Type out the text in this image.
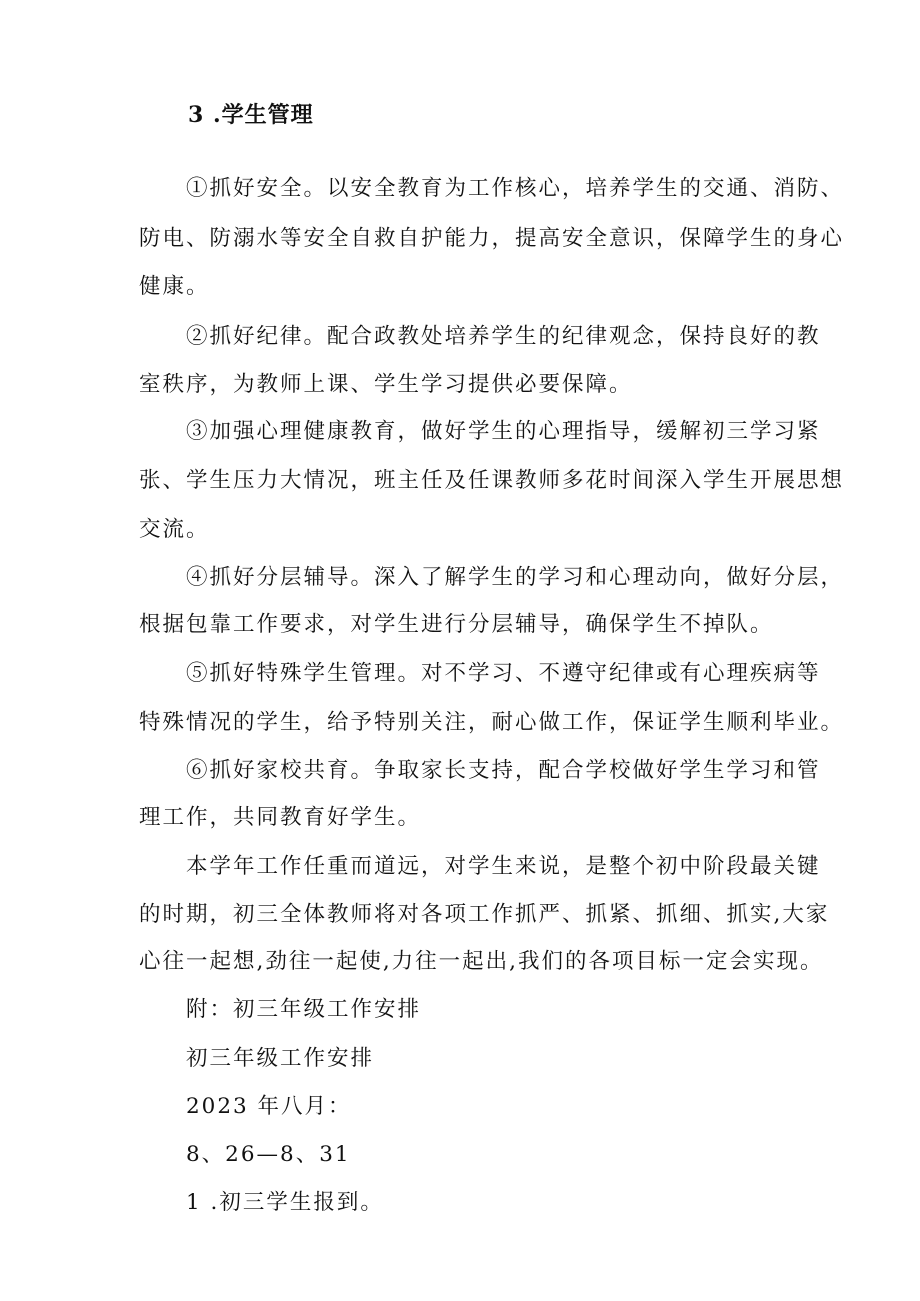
3 .学生管理
①抓好安全。以安全教育为工作核心，培养学生的交通、消防、
防电、防溺水等安全自救自护能力，提高安全意识，保障学生的身心
健康。
②抓好纪律。配合政教处培养学生的纪律观念，保持良好的教
室秩序，为教师上课、学生学习提供必要保障。
③加强心理健康教育，做好学生的心理指导，缓解初三学习紧
张、学生压力大情况，班主任及任课教师多花时间深入学生开展思想
交流。
④抓好分层辅导。深入了解学生的学习和心理动向，做好分层，
根据包靠工作要求，对学生进行分层辅导，确保学生不掉队。
⑤抓好特殊学生管理。对不学习、不遵守纪律或有心理疾病等
特殊情况的学生，给予特别关注，耐心做工作，保证学生顺利毕业。
⑥抓好家校共育。争取家长支持，配合学校做好学生学习和管
理工作，共同教育好学生。
本学年工作任重而道远，对学生来说，是整个初中阶段最关键
的时期，初三全体教师将对各项工作抓严、抓紧、抓细、抓实,大家
心往一起想,劲往一起使,力往一起出,我们的各项目标一定会实现。
附：初三年级工作安排
初三年级工作安排
2023 年八月：
8、26—8、31
1 .初三学生报到。
